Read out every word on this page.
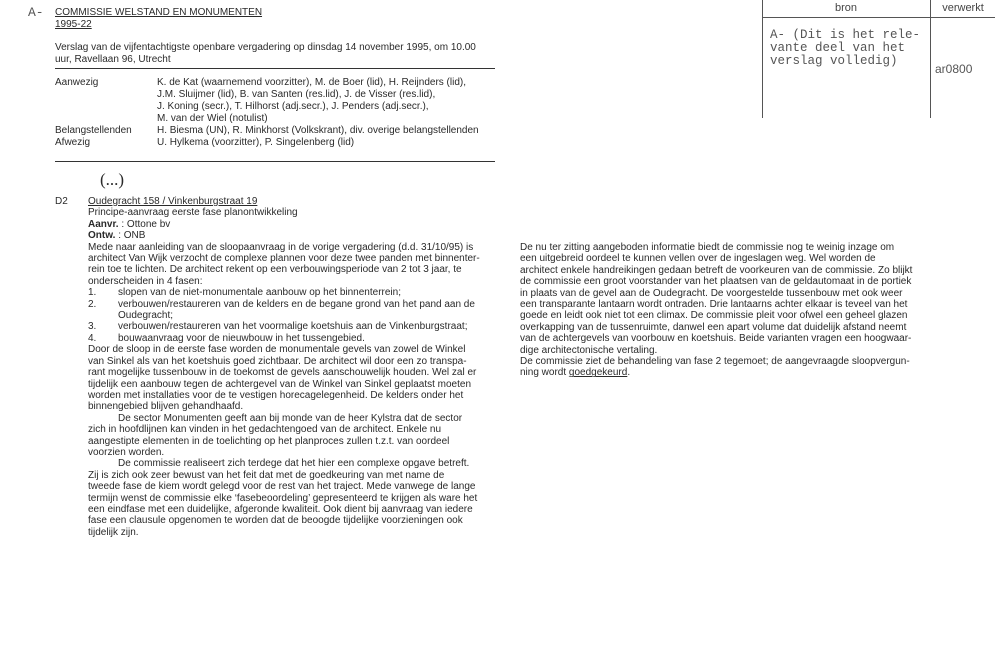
A- COMMISSIE WELSTAND EN MONUMENTEN
1995-22
Verslag van de vijfentachtigste openbare vergadering op dinsdag 14 november 1995, om 10.00
uur, Ravellaan 96, Utrecht
Aanwezig	K. de Kat (waarnemend voorzitter), M. de Boer (lid), H. Reijnders (lid),
J.M. Sluijmer (lid), B. van Santen (res.lid), J. de Visser (res.lid),
J. Koning (secr.), T. Hilhorst (adj.secr.), J. Penders (adj.secr.),
M. van der Wiel (notulist)
Belangstellenden	H. Biesma (UN), R. Minkhorst (Volkskrant), div. overige belangstellenden
Afwezig	U. Hylkema (voorzitter), P. Singelenberg (lid)
(...)
D2 Oudegracht 158 / Vinkenburgstraat 19
Principe-aanvraag eerste fase planontwikkeling
Aanvr. : Ottone bv
Ontw. : ONB
Mede naar aanleiding van de sloopaanvraag in de vorige vergadering (d.d. 31/10/95) is
architect Van Wijk verzocht de complexe plannen voor deze twee panden met binnenter-
rein toe te lichten. De architect rekent op een verbouwingsperiode van 2 tot 3 jaar, te
onderscheiden in 4 fasen:
1.	slopen van de niet-monumentale aanbouw op het binnenterrein;
2.	verbouwen/restaureren van de kelders en de begane grond van het pand aan de
Oudegracht;
3.	verbouwen/restaureren van het voormalige koetshuis aan de Vinkenburgstraat;
4.	bouwaanvraag voor de nieuwbouw in het tussengebied.
Door de sloop in de eerste fase worden de monumentale gevels van zowel de Winkel
van Sinkel als van het koetshuis goed zichtbaar. De architect wil door een zo transpa-
rant mogelijke tussenbouw in de toekomst de gevels aanschouwelijk houden. Wel zal er
tijdelijk een aanbouw tegen de achtergevel van de Winkel van Sinkel geplaatst moeten
worden met installaties voor de te vestigen horecagelegenheid. De kelders onder het
binnengebied blijven gehandhaafd.
De sector Monumenten geeft aan bij monde van de heer Kylstra dat de sector
zich in hoofdlijnen kan vinden in het gedachtengoed van de architect. Enkele nu
aangestipte elementen in de toelichting op het planproces zullen t.z.t. van oordeel
voorzien worden.
De commissie realiseert zich terdege dat het hier een complexe opgave betreft.
Zij is zich ook zeer bewust van het feit dat met de goedkeuring van met name de
tweede fase de kiem wordt gelegd voor de rest van het traject. Mede vanwege de lange
termijn wenst de commissie elke ‘fasebeoordeling’ gepresenteerd te krijgen als ware het
een eindfase met een duidelijke, afgeronde kwaliteit. Ook dient bij aanvraag van iedere
fase een clausule opgenomen te worden dat de beoogde tijdelijke voorzieningen ook
tijdelijk zijn.
De nu ter zitting aangeboden informatie biedt de commissie nog te weinig inzage om
een uitgebreid oordeel te kunnen vellen over de ingeslagen weg. Wel worden de
architect enkele handreikingen gedaan betreft de voorkeuren van de commissie. Zo blijkt
de commissie een groot voorstander van het plaatsen van de geldautomaat in de portiek
in plaats van de gevel aan de Oudegracht. De voorgestelde tussenbouw met ook weer
een transparante lantaarn wordt ontraden. Drie lantaarns achter elkaar is teveel van het
goede en leidt ook niet tot een climax. De commissie pleit voor ofwel een geheel glazen
overkapping van de tussenruimte, danwel een apart volume dat duidelijk afstand neemt
van de achtergevels van voorbouw en koetshuis. Beide varianten vragen een hoogwaar-
dige architectonische vertaling.
De commissie ziet de behandeling van fase 2 tegemoet; de aangevraagde sloopvergun-
ning wordt goedgekeurd.
bron	verwerkt
A- (Dit is het rele-
vante deel van het
verslag volledig)
ar0800
